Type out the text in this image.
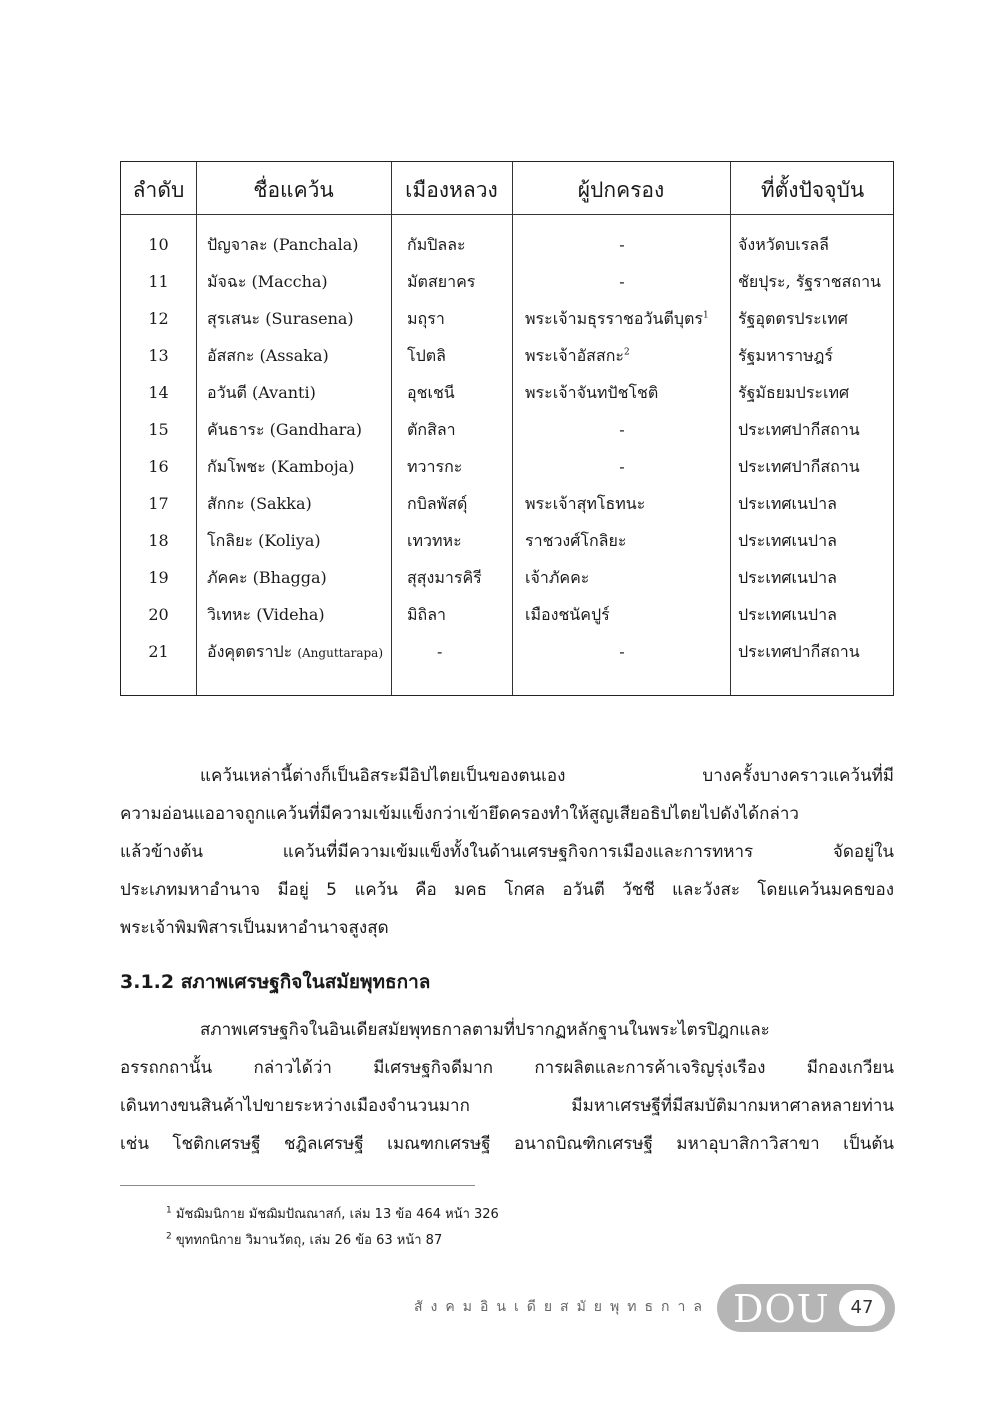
ลำดับ	ชื่อแคว้น	เมืองหลวง	ผู้ปกครอง	ที่ตั้งปัจจุบัน
10	ปัญจาละ (Panchala)	กัมปิลละ	-	จังหวัดบเรลลี
11	มัจฉะ (Maccha)	มัตสยาคร	-	ชัยปุระ, รัฐราชสถาน
12	สุรเสนะ (Surasena)	มถุรา	พระเจ้ามธุรราชอวันตีบุตร$^1$	รัฐอุตตรประเทศ
13	อัสสกะ (Assaka)	โปตลิ	พระเจ้าอัสสกะ$^2$	รัฐมหาราษฎร์
14	อวันตี (Avanti)	อุชเชนี	พระเจ้าจันทปัชโชติ	รัฐมัธยมประเทศ
15	คันธาระ (Gandhara)	ตักสิลา	-	ประเทศปากีสถาน
16	กัมโพชะ (Kamboja)	ทวารกะ	-	ประเทศปากีสถาน
17	สักกะ (Sakka)	กบิลพัสดุ์	พระเจ้าสุทโธทนะ	ประเทศเนปาล
18	โกลิยะ (Koliya)	เทวทหะ	ราชวงศ์โกลิยะ	ประเทศเนปาล
19	ภัคคะ (Bhagga)	สุสุงมารคิรี	เจ้าภัคคะ	ประเทศเนปาล
20	วิเทหะ (Videha)	มิถิลา	เมืองชนัคปูร์	ประเทศเนปาล
21	อังคุตตราปะ (Anguttarapa)	-	-	ประเทศปากีสถาน
แคว้นเหล่านี้ต่างก็เป็นอิสระมีอิปไตยเป็นของตนเอง บางครั้งบางคราวแคว้นที่มี
ความอ่อนแออาจถูกแคว้นที่มีความเข้มแข็งกว่าเข้ายึดครองทำให้สูญเสียอธิปไตยไปดังได้กล่าว
แล้วข้างต้น แคว้นที่มีความเข้มแข็งทั้งในด้านเศรษฐกิจการเมืองและการทหาร จัดอยู่ใน
ประเภทมหาอำนาจ มีอยู่ 5 แคว้น คือ มคธ โกศล อวันตี วัชชี และวังสะ โดยแคว้นมคธของ
พระเจ้าพิมพิสารเป็นมหาอำนาจสูงสุด
3.1.2 สภาพเศรษฐกิจในสมัยพุทธกาล
สภาพเศรษฐกิจในอินเดียสมัยพุทธกาลตามที่ปรากฏหลักฐานในพระไตรปิฎกและ
อรรถกถานั้น กล่าวได้ว่า มีเศรษฐกิจดีมาก การผลิตและการค้าเจริญรุ่งเรือง มีกองเกวียน
เดินทางขนสินค้าไปขายระหว่างเมืองจำนวนมาก มีมหาเศรษฐีที่มีสมบัติมากมหาศาลหลายท่าน
เช่น โชติกเศรษฐี ชฎิลเศรษฐี เมณฑกเศรษฐี อนาถบิณฑิกเศรษฐี มหาอุบาสิกาวิสาขา เป็นต้น
$^1$ มัชฌิมนิกาย มัชฌิมปัณณาสก์, เล่ม 13 ข้อ 464 หน้า 326
$^2$ ขุททกนิกาย วิมานวัตถุ, เล่ม 26 ข้อ 63 หน้า 87
สังคมอินเดียสมัยพุทธกาล DOU	47
